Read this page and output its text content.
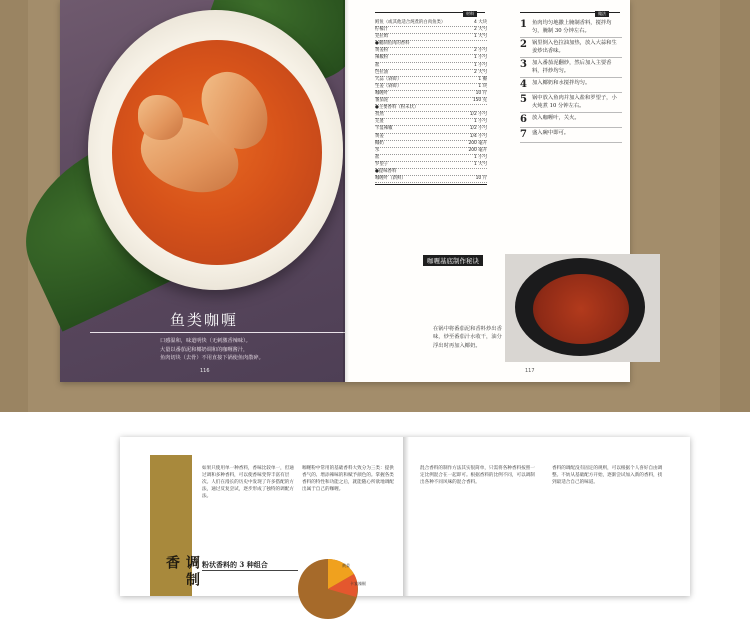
鱼类咖喱
口感温和，味道明快（无刺激香辣味）。
大量以番茄泥和椰奶调和的咖喱酱汁，
鱼肉切块（去骨）不用直接下锅使鱼肉散碎。
116
材料
鳕鱼（或其他适合炖煮的白肉鱼类）	4 大块
柠檬汁	2 大勺
克拉姆	1 大勺
●腌制鱼肉的香料
黄姜粉	2 小勺
辣椒粉	1 小勺
盐	1 小勺
色拉油	2 大勺
大蒜（剁碎）	1 瓣
生姜（剁碎）	1 块
咖喱叶	10 片
番茄泥	150 克
●主要香料（粉末状）
孜然	1/2 小勺
芫荽	1 小勺
卡宴辣椒	1/2 小勺
黄姜	1/4 小勺
椰奶	200 毫升
水	200 毫升
盐	1 小勺
罗望子	1 大勺
●提味香料
咖喱叶（新鲜）	10 片
做法
1 鱼肉均匀地撒上腌制香料，搅拌均匀，腌制 30 分钟左右。
2 锅里倒入色拉油加热，放入大蒜和生姜炒出香味。
3 加入番茄泥翻炒，然后加入主要香料，拌炒均匀。
4 加入椰奶和水搅拌均匀。
5 锅中放入鱼肉并加入盐和罗望子，小火炖煮 10 分钟左右。
6 放入咖喱叶，关火。
7 盛入碗中即可。
咖喱基底制作秘诀
在锅中将番茄泥和香料炒出香味，炒至番茄汁水收干，油分浮出时再加入椰奶。
117
调制香
如果只使用单一种香料，香味比较单一，但通过调和多种香料，可以使香味变得丰富有层次。人们在漫长的历史中发现了许多搭配的方法，通过反复尝试，逐步形成了独特的调配方法。
咖喱粉中常用的基础香料大致分为三类：提供香气的、增添辣味的和赋予颜色的。掌握各类香料的特性和功能之后，就能随心所欲地调配出属于自己的咖喱。
粉状香料的 3 种组合	黄姜
卡宴辣椒
混合香料的制作方法其实很简单，只需将各种香料按照一定比例混合在一起即可。根据香料的比例不同，可以调制出各种不同风味的混合香料。
香料的调配没有固定的规则，可以根据个人喜好自由调整。不妨从基础配方开始，逐渐尝试加入新的香料，找到最适合自己的味道。
